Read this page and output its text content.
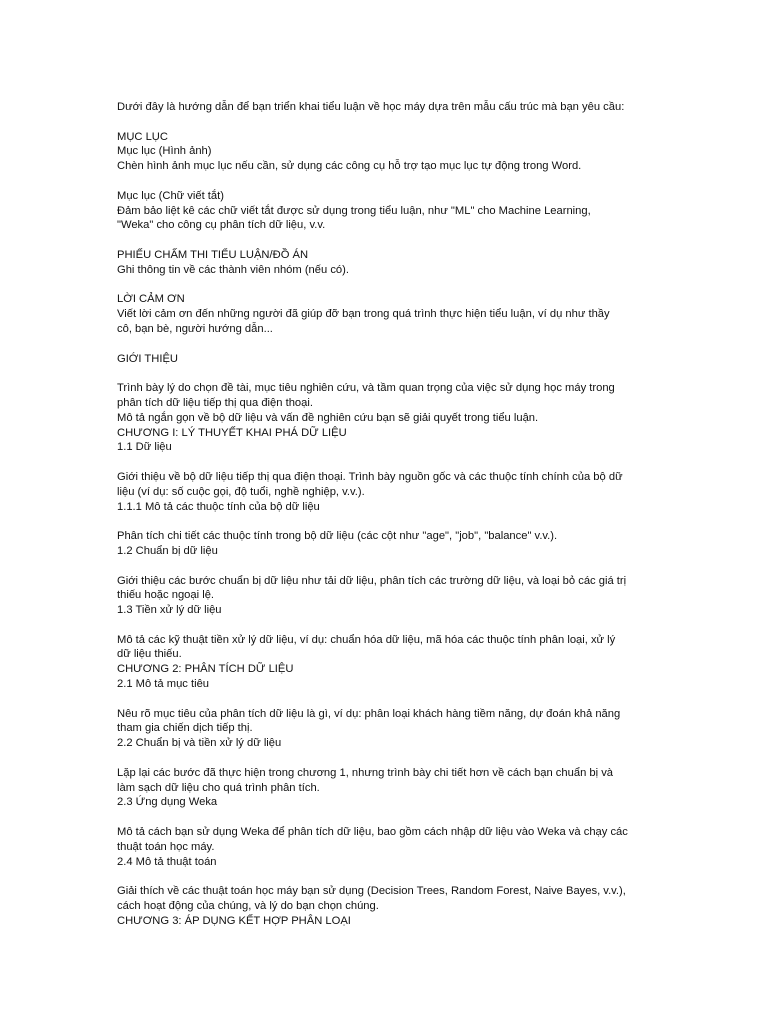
Dưới đây là hướng dẫn để bạn triển khai tiểu luận về học máy dựa trên mẫu cấu trúc mà bạn yêu cầu:
MỤC LỤC
Mục lục (Hình ảnh)
Chèn hình ảnh mục lục nếu cần, sử dụng các công cụ hỗ trợ tạo mục lục tự động trong Word.
Mục lục (Chữ viết tắt)
Đảm bảo liệt kê các chữ viết tắt được sử dụng trong tiểu luận, như "ML" cho Machine Learning,
"Weka" cho công cụ phân tích dữ liệu, v.v.
PHIẾU CHẤM THI TIỂU LUẬN/ĐỒ ÁN
Ghi thông tin về các thành viên nhóm (nếu có).
LỜI CẢM ƠN
Viết lời cảm ơn đến những người đã giúp đỡ bạn trong quá trình thực hiện tiểu luận, ví dụ như thầy
cô, bạn bè, người hướng dẫn...
GIỚI THIỆU
Trình bày lý do chọn đề tài, mục tiêu nghiên cứu, và tầm quan trọng của việc sử dụng học máy trong
phân tích dữ liệu tiếp thị qua điện thoại.
Mô tả ngắn gọn về bộ dữ liệu và vấn đề nghiên cứu bạn sẽ giải quyết trong tiểu luận.
CHƯƠNG I: LÝ THUYẾT KHAI PHÁ DỮ LIỆU
1.1 Dữ liệu
Giới thiệu về bộ dữ liệu tiếp thị qua điện thoại. Trình bày nguồn gốc và các thuộc tính chính của bộ dữ
liệu (ví dụ: số cuộc gọi, độ tuổi, nghề nghiệp, v.v.).
1.1.1 Mô tả các thuộc tính của bộ dữ liệu
Phân tích chi tiết các thuộc tính trong bộ dữ liệu (các cột như "age", "job", "balance" v.v.).
1.2 Chuẩn bị dữ liệu
Giới thiệu các bước chuẩn bị dữ liệu như tải dữ liệu, phân tích các trường dữ liệu, và loại bỏ các giá trị
thiếu hoặc ngoại lệ.
1.3 Tiền xử lý dữ liệu
Mô tả các kỹ thuật tiền xử lý dữ liệu, ví dụ: chuẩn hóa dữ liệu, mã hóa các thuộc tính phân loại, xử lý
dữ liệu thiếu.
CHƯƠNG 2: PHÂN TÍCH DỮ LIỆU
2.1 Mô tả mục tiêu
Nêu rõ mục tiêu của phân tích dữ liệu là gì, ví dụ: phân loại khách hàng tiềm năng, dự đoán khả năng
tham gia chiến dịch tiếp thị.
2.2 Chuẩn bị và tiền xử lý dữ liệu
Lặp lại các bước đã thực hiện trong chương 1, nhưng trình bày chi tiết hơn về cách bạn chuẩn bị và
làm sạch dữ liệu cho quá trình phân tích.
2.3 Ứng dụng Weka
Mô tả cách bạn sử dụng Weka để phân tích dữ liệu, bao gồm cách nhập dữ liệu vào Weka và chạy các
thuật toán học máy.
2.4 Mô tả thuật toán
Giải thích về các thuật toán học máy bạn sử dụng (Decision Trees, Random Forest, Naive Bayes, v.v.),
cách hoạt động của chúng, và lý do bạn chọn chúng.
CHƯƠNG 3: ÁP DỤNG KẾT HỢP PHÂN LOẠI
